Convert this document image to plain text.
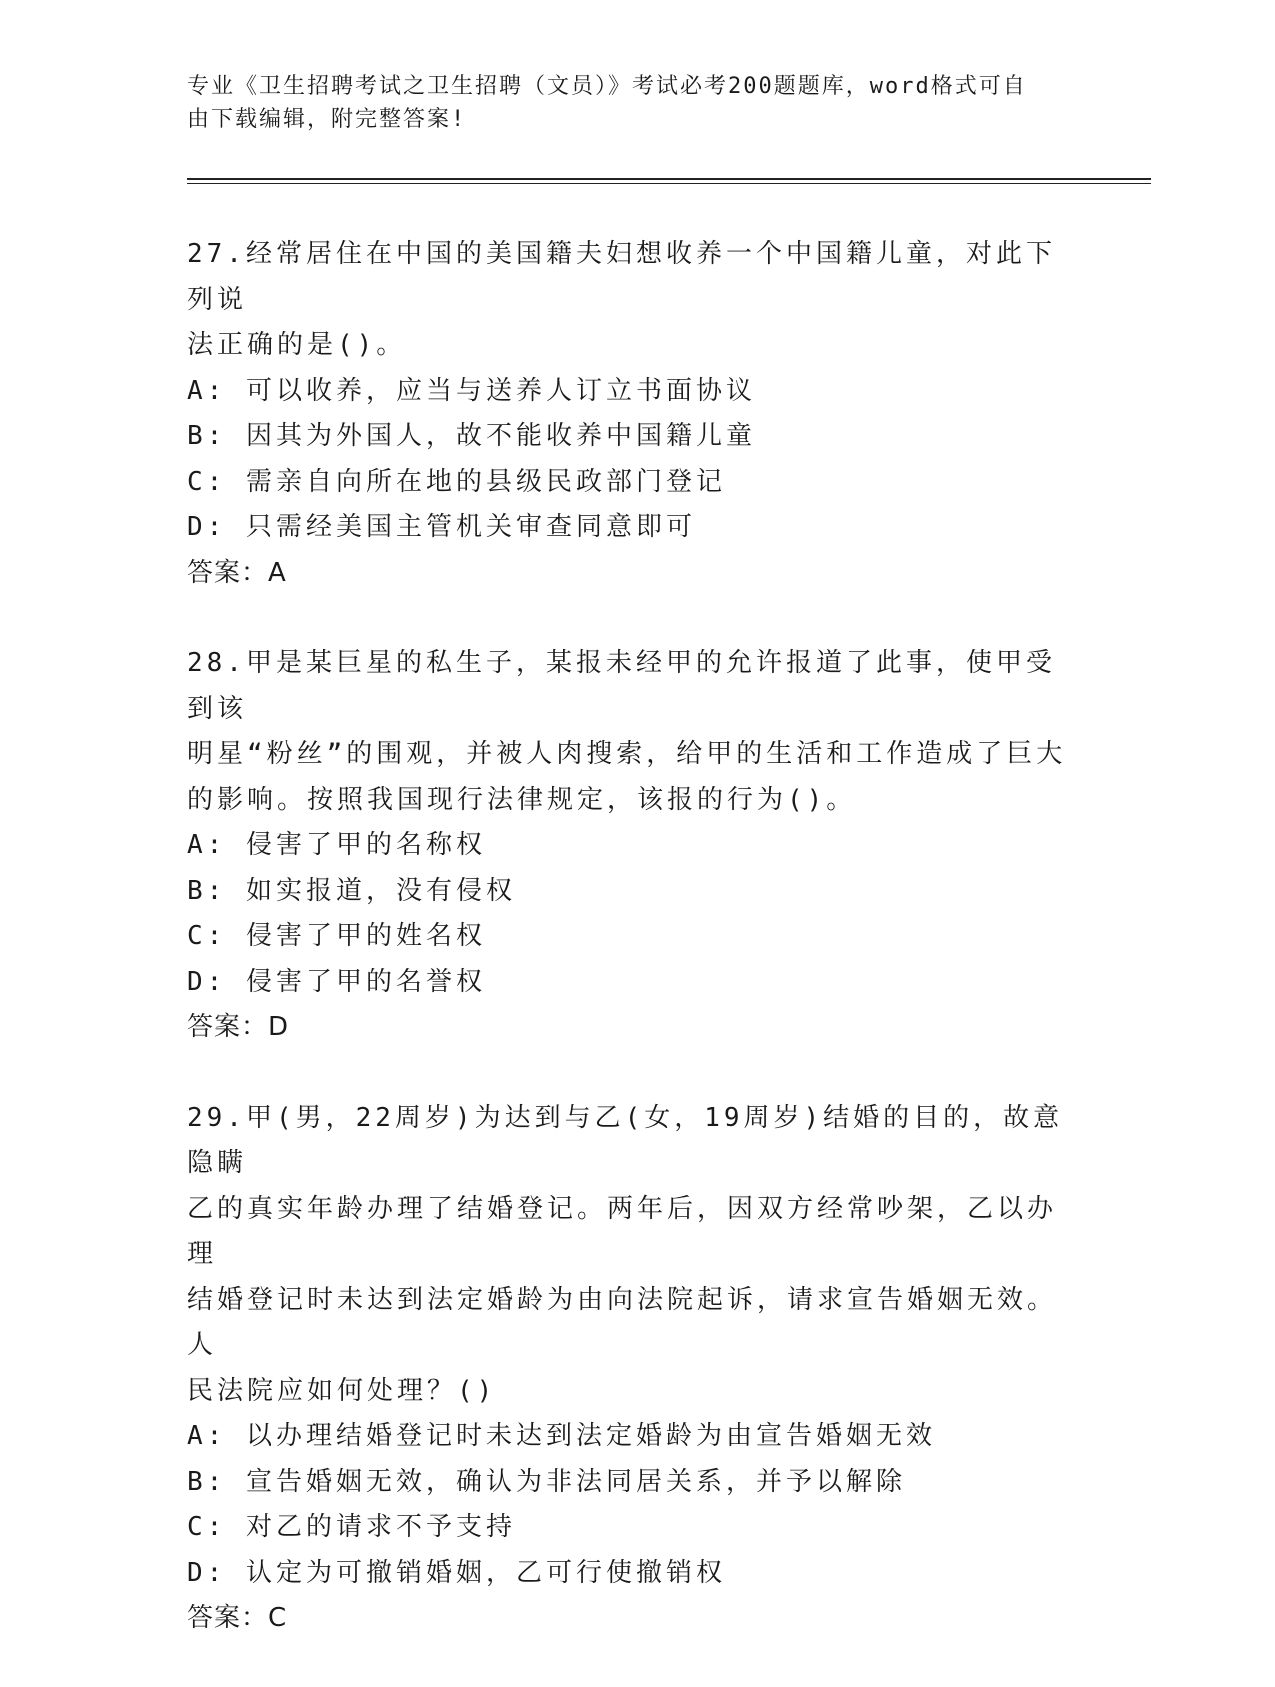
专业《卫生招聘考试之卫生招聘（文员）》考试必考200题题库，word格式可自
由下载编辑，附完整答案!
27.经常居住在中国的美国籍夫妇想收养一个中国籍儿童，对此下列说
法正确的是()。
A: 可以收养，应当与送养人订立书面协议
B: 因其为外国人，故不能收养中国籍儿童
C: 需亲自向所在地的县级民政部门登记
D: 只需经美国主管机关审查同意即可
答案：A
28.甲是某巨星的私生子，某报未经甲的允许报道了此事，使甲受到该
明星“粉丝”的围观，并被人肉搜索，给甲的生活和工作造成了巨大
的影响。按照我国现行法律规定，该报的行为()。
A: 侵害了甲的名称权
B: 如实报道，没有侵权
C: 侵害了甲的姓名权
D: 侵害了甲的名誉权
答案：D
29.甲(男，22周岁)为达到与乙(女，19周岁)结婚的目的，故意隐瞒
乙的真实年龄办理了结婚登记。两年后，因双方经常吵架，乙以办理
结婚登记时未达到法定婚龄为由向法院起诉，请求宣告婚姻无效。人
民法院应如何处理？()
A: 以办理结婚登记时未达到法定婚龄为由宣告婚姻无效
B: 宣告婚姻无效，确认为非法同居关系，并予以解除
C: 对乙的请求不予支持
D: 认定为可撤销婚姻，乙可行使撤销权
答案：C
